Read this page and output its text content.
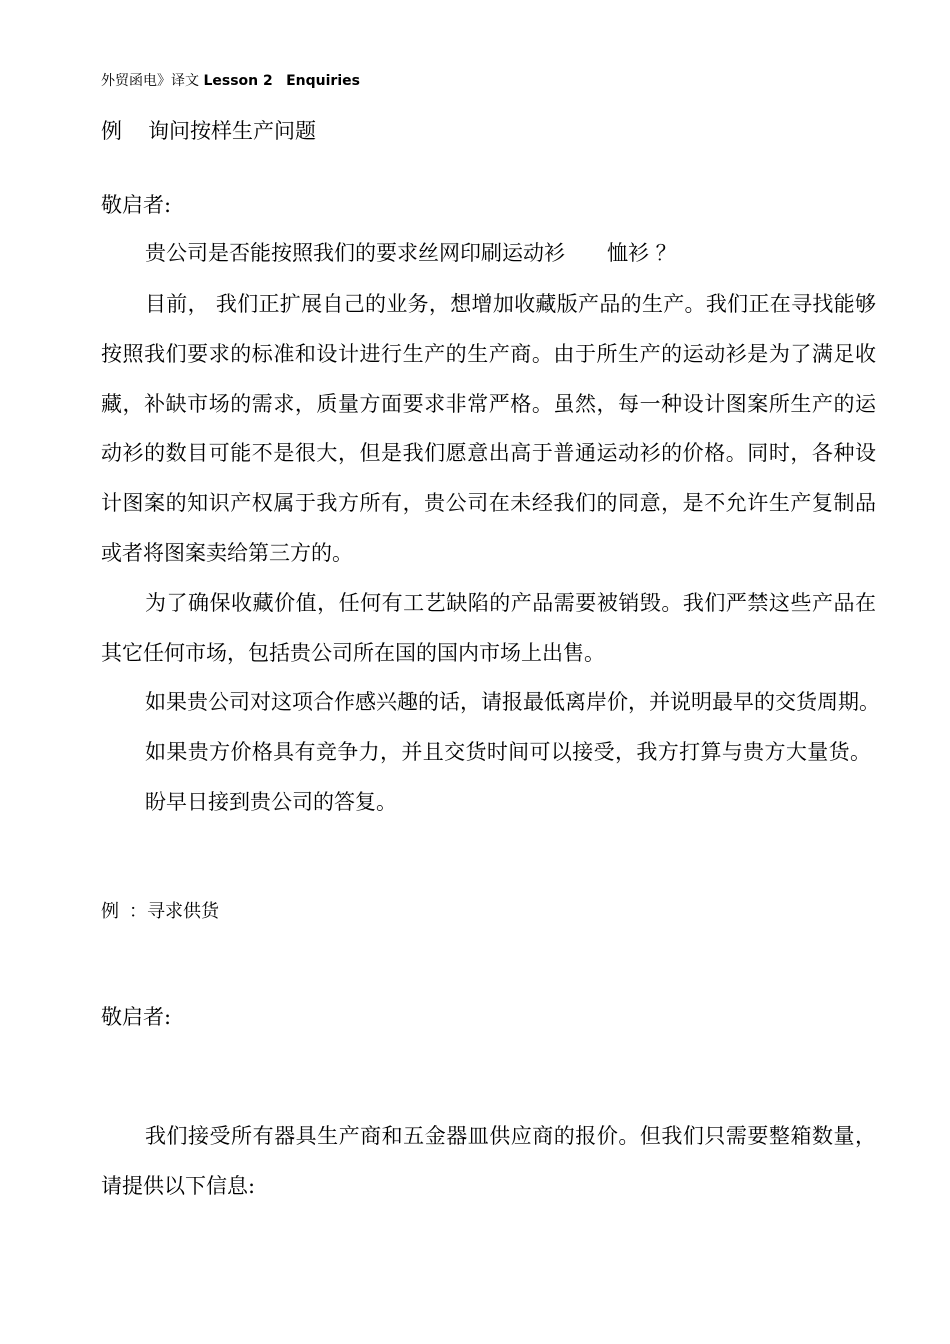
外贸函电》译文 Lesson 2 Enquiries
例 询问按样生产问题
敬启者:
贵公司是否能按照我们的要求丝网印刷运动衫　　恤衫 ？
目前， 我们正扩展自己的业务，想增加收藏版产品的生产。我们正在寻找能够
按照我们要求的标准和设计进行生产的生产商。由于所生产的运动衫是为了满足收
藏，补缺市场的需求，质量方面要求非常严格。虽然，每一种设计图案所生产的运
动衫的数目可能不是很大，但是我们愿意出高于普通运动衫的价格。同时，各种设
计图案的知识产权属于我方所有，贵公司在未经我们的同意，是不允许生产复制品
或者将图案卖给第三方的。
为了确保收藏价值，任何有工艺缺陷的产品需要被销毁。我们严禁这些产品在
其它任何市场，包括贵公司所在国的国内市场上出售。
如果贵公司对这项合作感兴趣的话，请报最低离岸价，并说明最早的交货周期。
如果贵方价格具有竞争力，并且交货时间可以接受，我方打算与贵方大量货。
盼早日接到贵公司的答复。
例 ：寻求供货
敬启者:
我们接受所有器具生产商和五金器皿供应商的报价。但我们只需要整箱数量，
请提供以下信息:
